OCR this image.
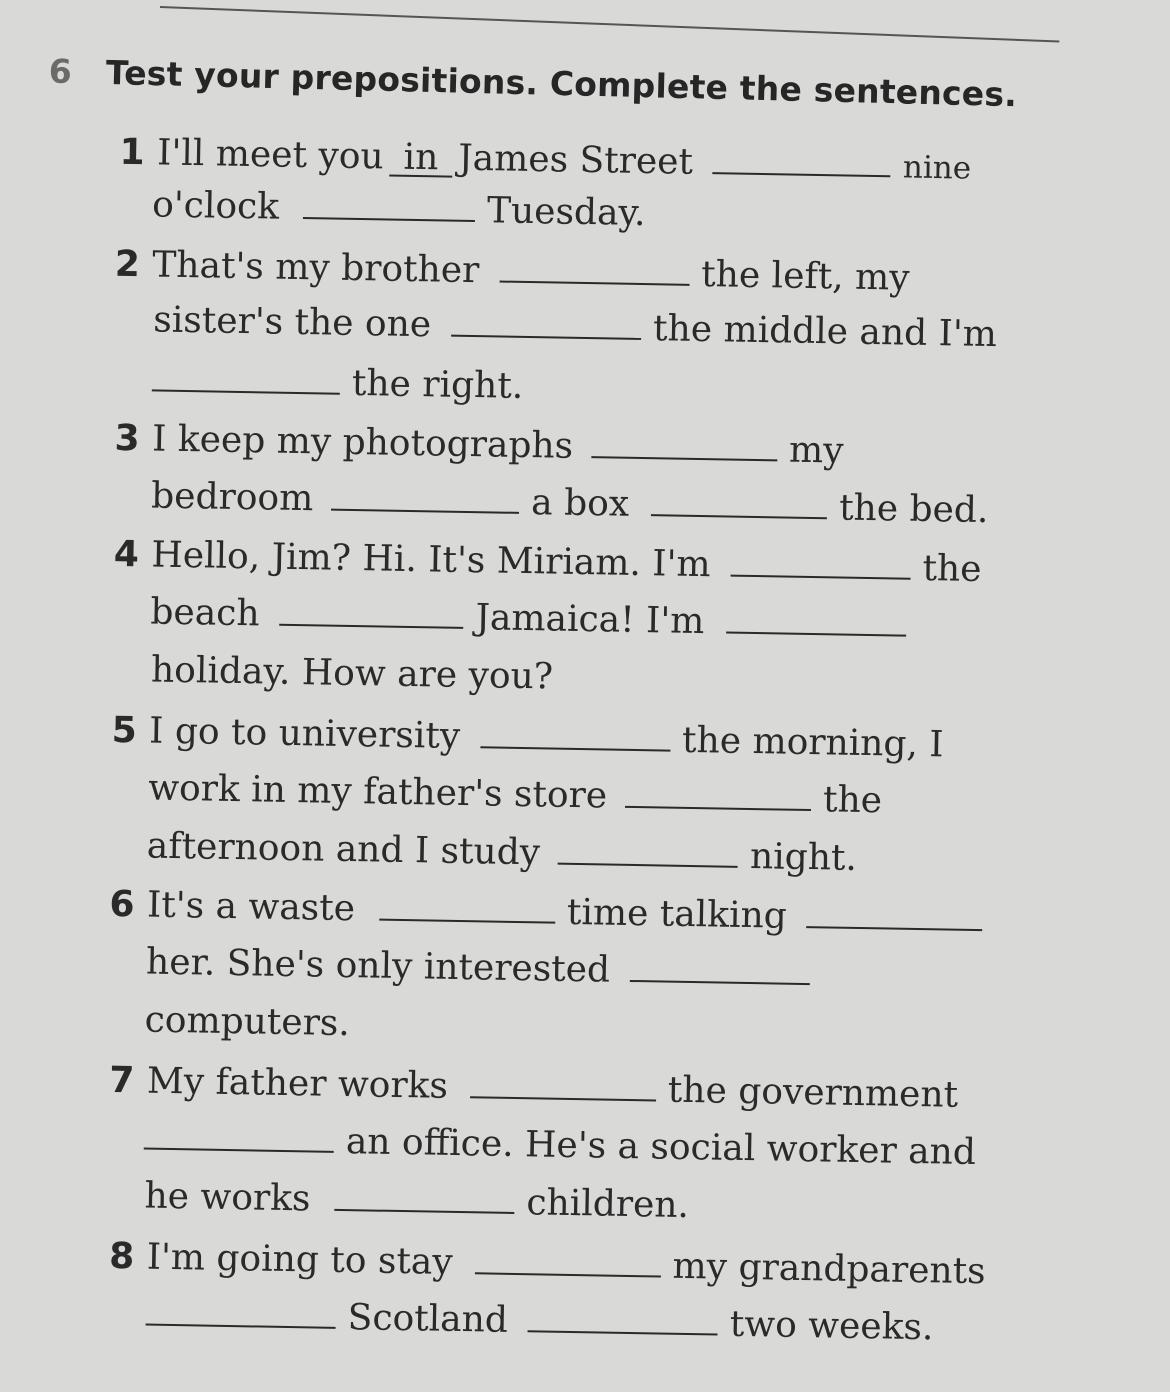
6 Test your prepositions. Complete the sentences.
1 I'll meet you in James Street	nine
o'clock	Tuesday.
2 That's my brother	the left, my
sister's the one	the middle and I'm
the right.
3 I keep my photographs	my
bedroom	a box	the bed.
4 Hello, Jim? Hi. It's Miriam. I'm	the
beach	Jamaica! I'm
holiday. How are you?
5 I go to university	the morning, I
work in my father's store	the
afternoon and I study	night.
6 It's a waste	time talking
her. She's only interested
computers.
7 My father works	the government
an office. He's a social worker and
he works	children.
8 I'm going to stay	my grandparents
Scotland	two weeks.
